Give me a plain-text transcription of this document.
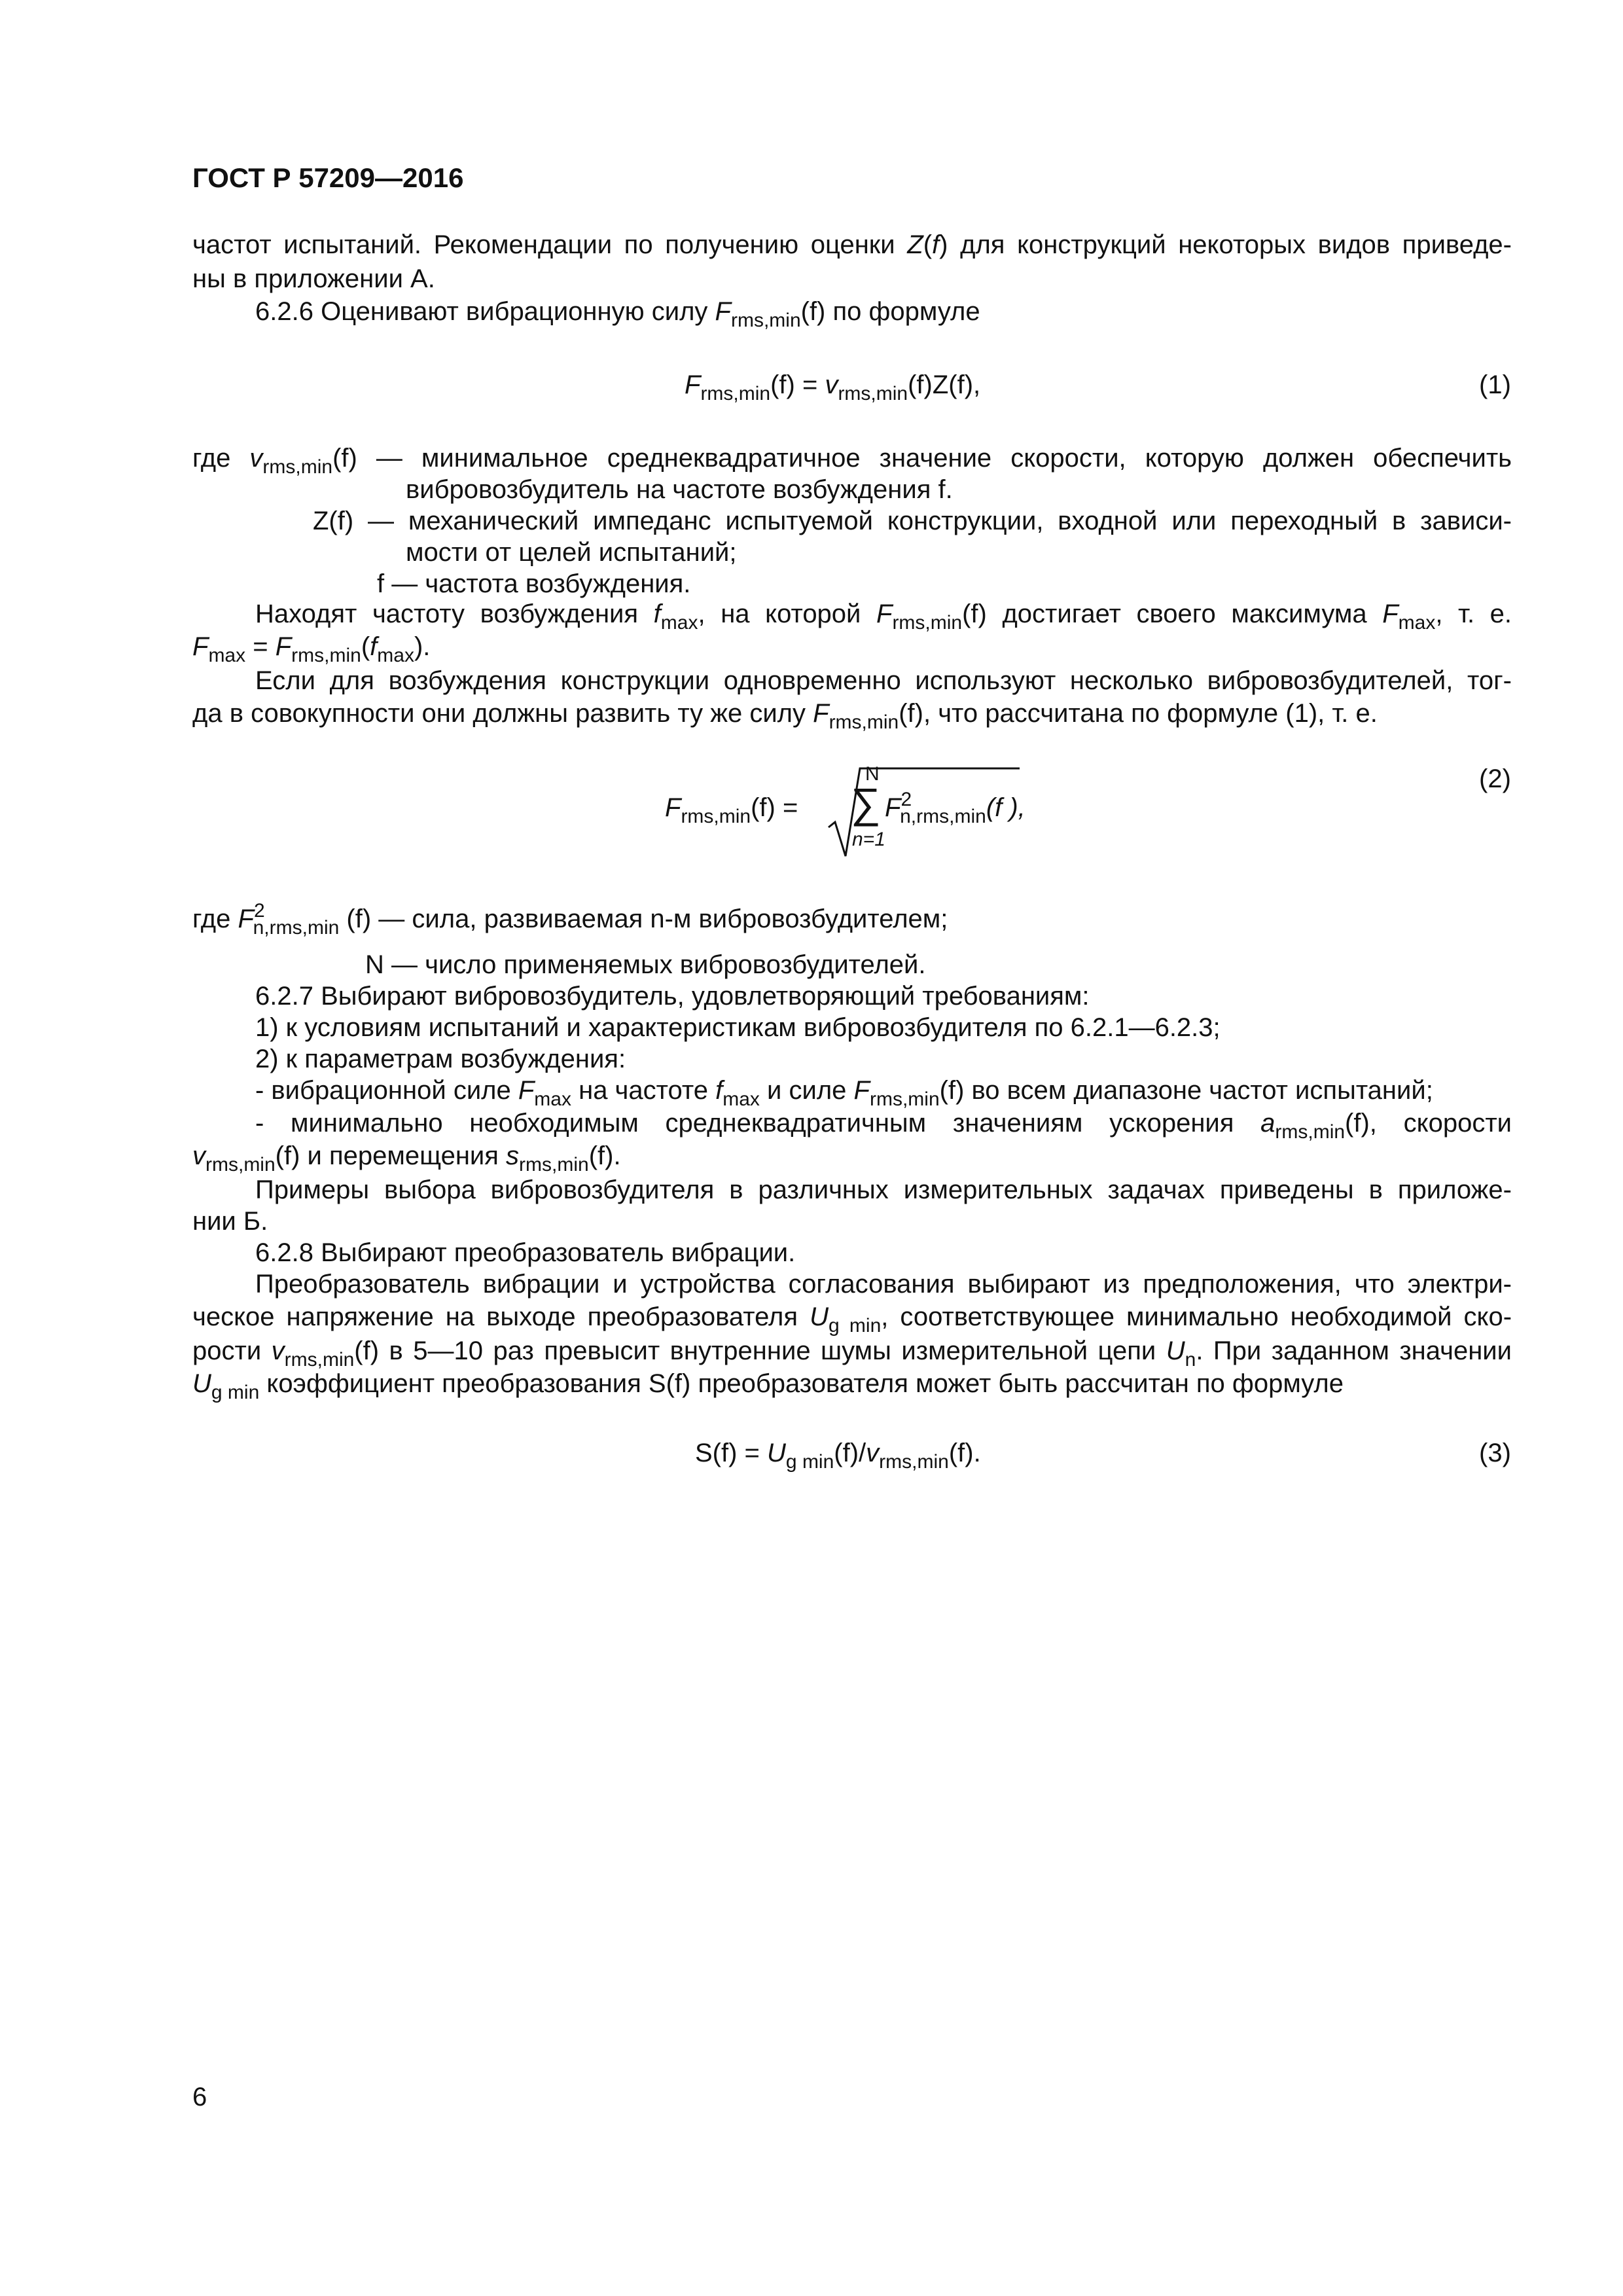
ГОСТ Р 57209—2016
частот испытаний. Рекомендации по получению оценки Z(f) для конструкций некоторых видов приведе-
ны в приложении А.
6.2.6 Оценивают вибрационную силу $F_{rms,min}(f)$ по формуле
$F_{rms,min}(f) = v_{rms,min}(f)Z(f)$,	(1)
где $v_{rms,min}(f)$ — минимальное среднеквадратичное значение скорости, которую должен обеспечить
вибровозбудитель на частоте возбуждения f.
Z(f) — механический импеданс испытуемой конструкции, входной или переходный в зависи-
мости от целей испытаний;
f — частота возбуждения.
Находят частоту возбуждения $f_{max}$, на которой $F_{rms,min}(f)$ достигает своего максимума $F_{max}$, т. е.
$F_{max} = F_{rms,min}(f_{max})$.
Если для возбуждения конструкции одновременно используют несколько вибровозбудителей, тог-
да в совокупности они должны развить ту же силу $F_{rms,min}(f)$, что рассчитана по формуле (1), т. е.
$F_{rms,min}(f)$ =
N
∑
n=1
$F^2_{n,rms,min}(f$ ),
(2)
где $F^2_{n,rms,min}$ (f) — сила, развиваемая n-м вибровозбудителем;
N — число применяемых вибровозбудителей.
6.2.7 Выбирают вибровозбудитель, удовлетворяющий требованиям:
1) к условиям испытаний и характеристикам вибровозбудителя по 6.2.1—6.2.3;
2) к параметрам возбуждения:
- вибрационной силе $F_{max}$ на частоте $f_{max}$ и силе $F_{rms,min}(f)$ во всем диапазоне частот испытаний;
- минимально необходимым среднеквадратичным значениям ускорения $a_{rms,min}(f)$, скорости
$v_{rms,min}(f)$ и перемещения $s_{rms,min}(f)$.
Примеры выбора вибровозбудителя в различных измерительных задачах приведены в приложе-
нии Б.
6.2.8 Выбирают преобразователь вибрации.
Преобразователь вибрации и устройства согласования выбирают из предположения, что электри-
ческое напряжение на выходе преобразователя $U_{g min}$, соответствующее минимально необходимой ско-
рости $v_{rms,min}(f)$ в 5—10 раз превысит внутренние шумы измерительной цепи $U_n$. При заданном значении
$U_{g min}$ коэффициент преобразования S(f) преобразователя может быть рассчитан по формуле
$S(f) = U_{g min}(f)/v_{rms,min}(f)$.	(3)
6
